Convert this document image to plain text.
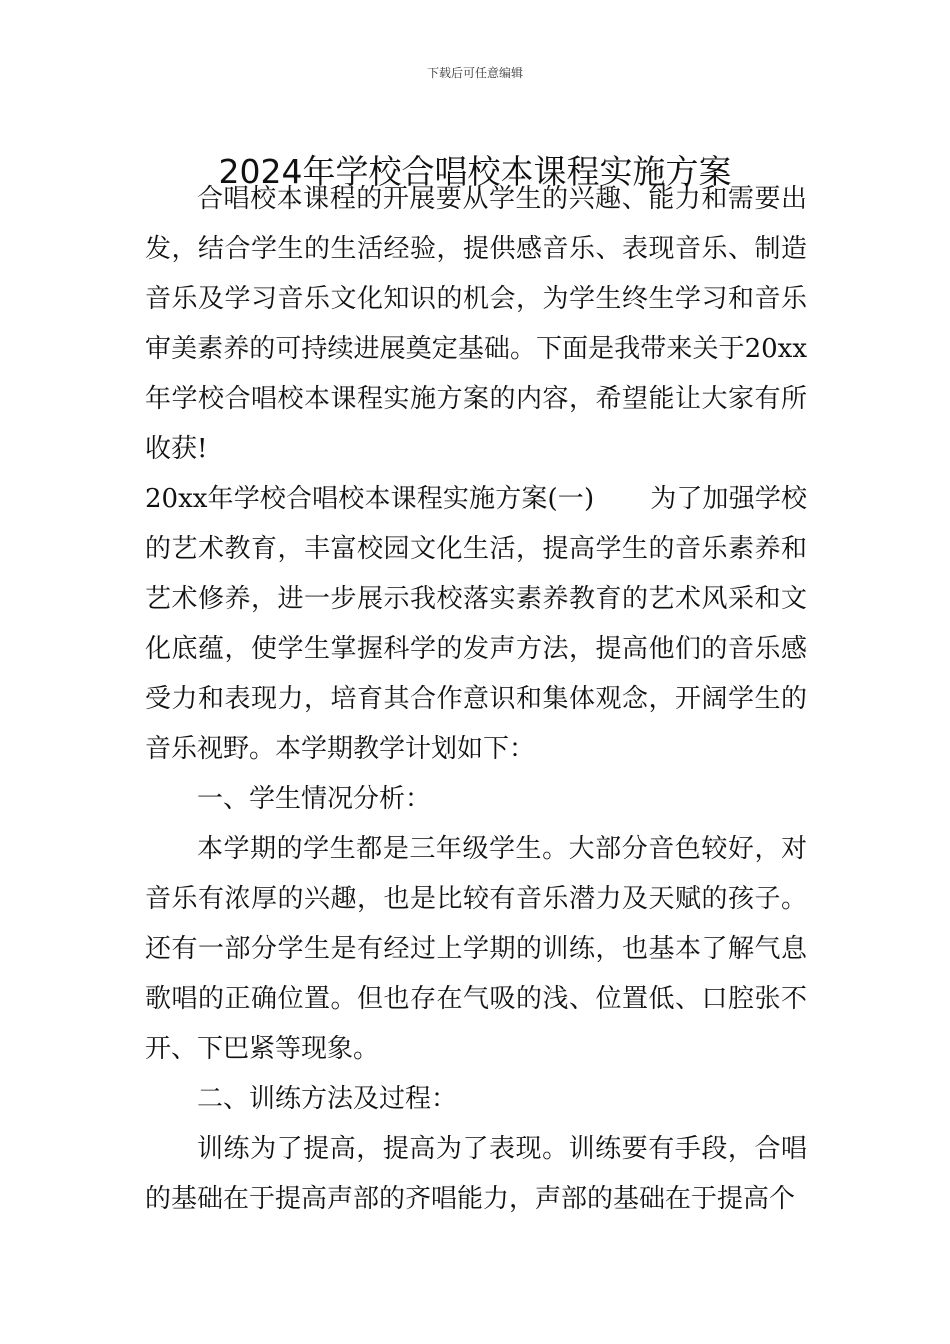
下载后可任意编辑
2024年学校合唱校本课程实施方案

合唱校本课程的开展要从学生的兴趣、能力和需要出发，结合学生的生活经验，提供感音乐、表现音乐、制造音乐及学习音乐文化知识的机会，为学生终生学习和音乐审美素养的可持续进展奠定基础。下面是我带来关于20xx年学校合唱校本课程实施方案的内容，希望能让大家有所收获!

20xx年学校合唱校本课程实施方案(一) 为了加强学校的艺术教育，丰富校园文化生活，提高学生的音乐素养和艺术修养，进一步展示我校落实素养教育的艺术风采和文化底蕴，使学生掌握科学的发声方法，提高他们的音乐感受力和表现力，培育其合作意识和集体观念，开阔学生的音乐视野。本学期教学计划如下：

一、学生情况分析：

本学期的学生都是三年级学生。大部分音色较好，对音乐有浓厚的兴趣，也是比较有音乐潜力及天赋的孩子。还有一部分学生是有经过上学期的训练，也基本了解气息歌唱的正确位置。但也存在气吸的浅、位置低、口腔张不开、下巴紧等现象。

二、训练方法及过程：

训练为了提高，提高为了表现。训练要有手段，合唱的基础在于提高声部的齐唱能力，声部的基础在于提高个
